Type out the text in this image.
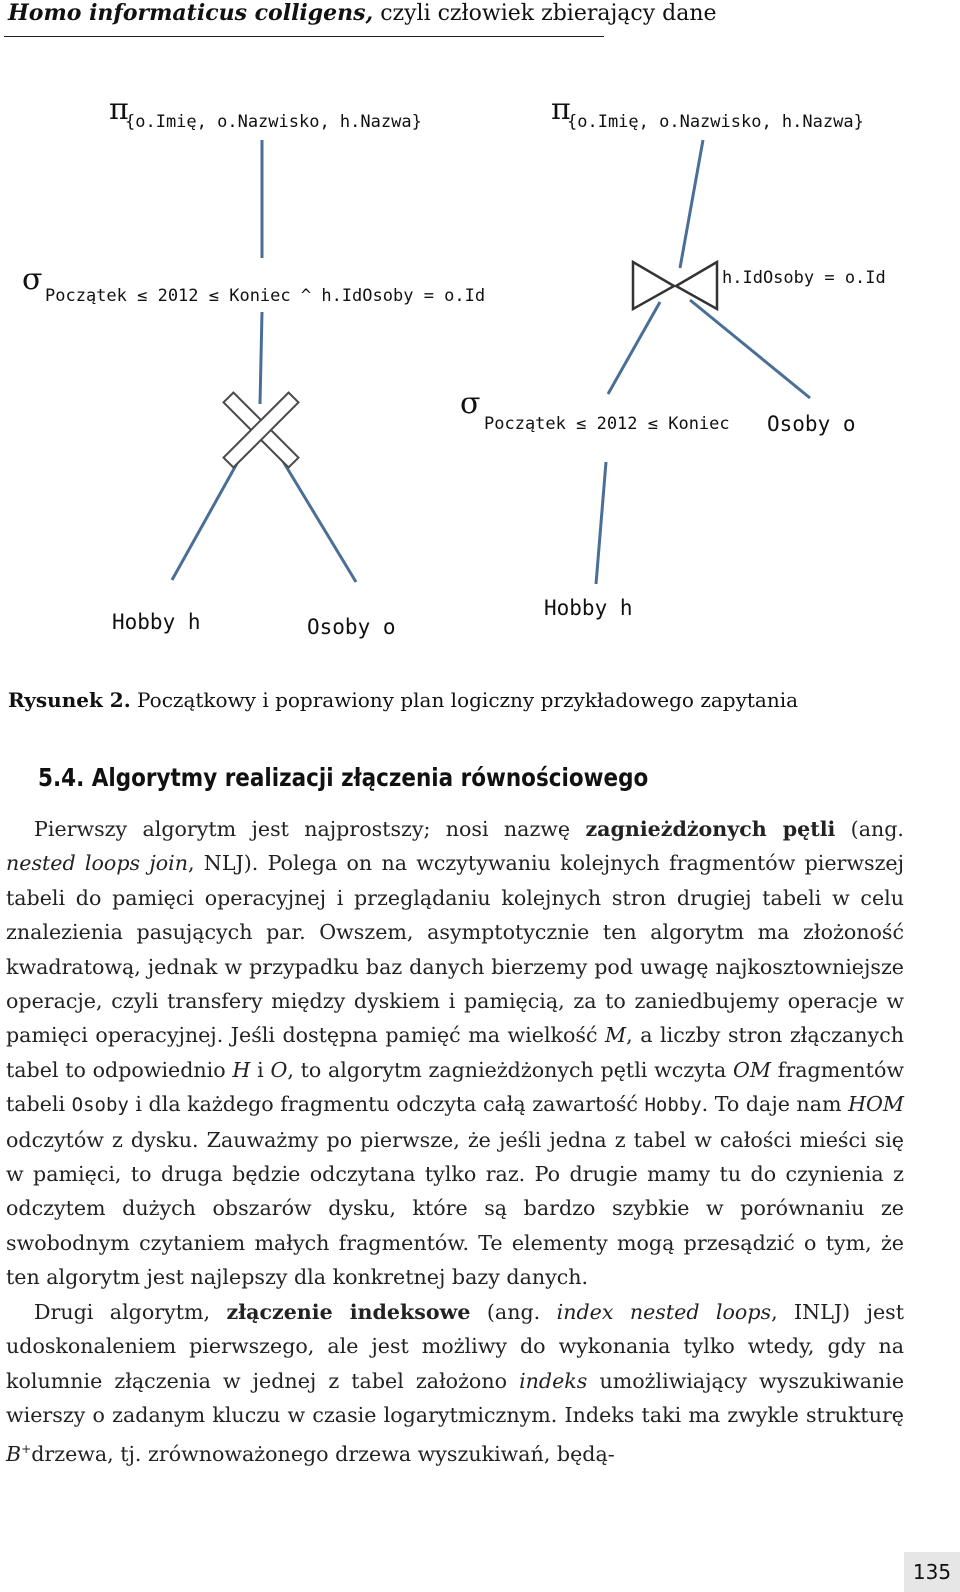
Homo informaticus colligens, czyli człowiek zbierający dane
π
{o.Imię, o.Nazwisko, h.Nazwa}
σ Początek ≤ 2012 ≤ Koniec ^ h.IdOsoby = o.Id
Hobby h	Osoby o
π
{o.Imię, o.Nazwisko, h.Nazwa}
h.IdOsoby = o.Id
σ
Początek ≤ 2012 ≤ Koniec Osoby o
Hobby h
Rysunek 2. Początkowy i poprawiony plan logiczny przykładowego zapytania
5.4. Algorytmy realizacji złączenia równościowego

Pierwszy algorytm jest najprostszy; nosi nazwę zagnieżdżonych pętli (ang. nested loops join, NLJ). Polega on na wczytywaniu kolejnych fragmentów pierwszej tabeli do pamięci operacyjnej i przeglądaniu kolejnych stron drugiej tabeli w celu znalezienia pasujących par. Owszem, asymptotycznie ten algorytm ma złożoność kwadratową, jednak w przypadku baz danych bierzemy pod uwagę najkosztowniejsze operacje, czyli transfery między dyskiem i pamięcią, za to zaniedbujemy operacje w pamięci operacyjnej. Jeśli dostępna pamięć ma wielkość M, a liczby stron złączanych tabel to odpowiednio H i O, to algorytm zagnieżdżonych pętli wczyta OM fragmentów tabeli Osoby i dla każdego fragmentu odczyta całą zawartość Hobby. To daje nam HOM odczytów z dysku. Zauważmy po pierwsze, że jeśli jedna z tabel w całości mieści się w pamięci, to druga będzie odczytana tylko raz. Po drugie mamy tu do czynienia z odczytem dużych obszarów dysku, które są bardzo szybkie w porównaniu ze swobodnym czytaniem małych fragmentów. Te elementy mogą przesądzić o tym, że ten algorytm jest najlepszy dla konkretnej bazy danych.

Drugi algorytm, złączenie indeksowe (ang. index nested loops, INLJ) jest udoskonaleniem pierwszego, ale jest możliwy do wykonania tylko wtedy, gdy na kolumnie złączenia w jednej z tabel założono indeks umożliwiający wyszukiwanie wierszy o zadanym kluczu w czasie logarytmicznym. Indeks taki ma zwykle strukturę B+drzewa, tj. zrównoważonego drzewa wyszukiwań, będą-

135
